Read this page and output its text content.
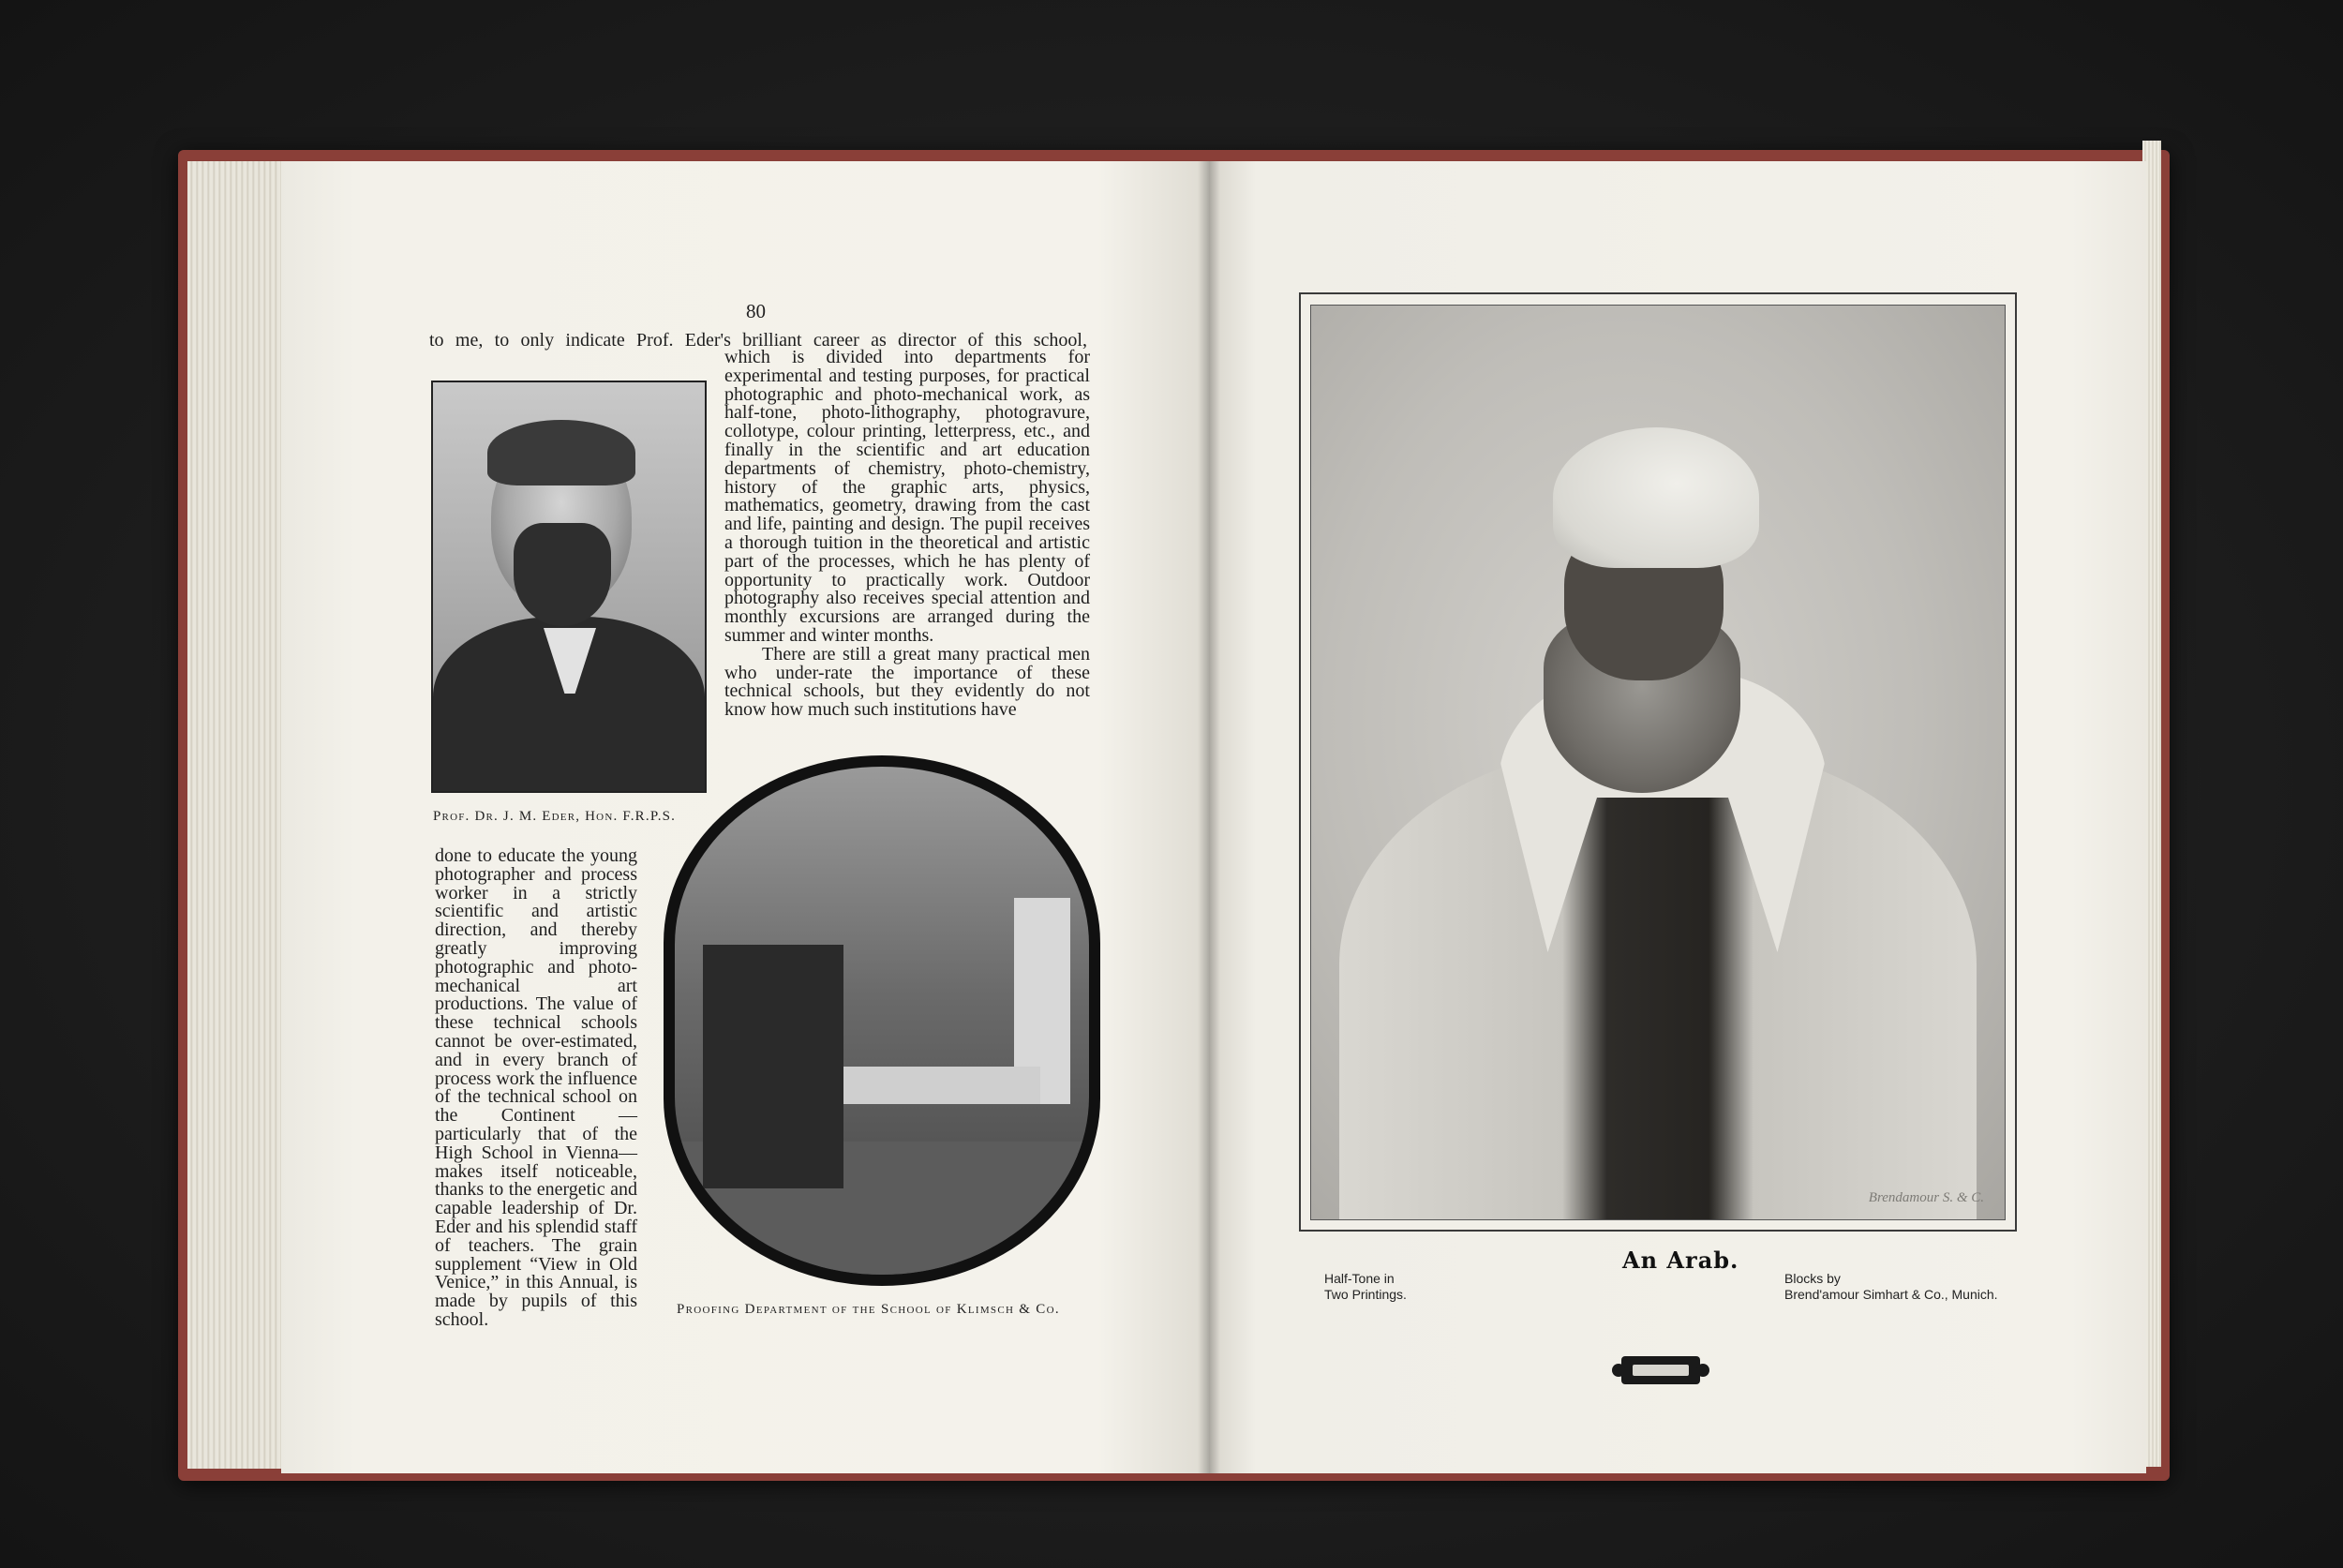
80
to me, to only indicate Prof. Eder's brilliant career as director of this school,

which is divided into departments for experimental and testing purposes, for practical photographic and photo-mechanical work, as half-tone, photo-lithography, photogravure, collotype, colour printing, letterpress, etc., and finally in the scientific and art education departments of chemistry, photo-chemistry, history of the graphic arts, physics, mathematics, geometry, drawing from the cast and life, painting and design. The pupil receives a thorough tuition in the theoretical and artistic part of the processes, which he has plenty of opportunity to practically work. Outdoor photography also receives special attention and monthly excursions are arranged during the summer and winter months.

There are still a great many practical men who under-rate the importance of these technical schools, but they evidently do not know how much such institutions have

Prof. Dr. J. M. Eder, Hon. F.R.P.S.
done to educate the young photographer and process worker in a strictly scientific and artistic direction, and thereby greatly improving photographic and photo-mechanical art productions. The value of these technical schools cannot be over-estimated, and in every branch of process work the influence of the technical school on the Continent —particularly that of the High School in Vienna— makes itself noticeable, thanks to the energetic and capable leadership of Dr. Eder and his splendid staff of teachers. The grain supplement “View in Old Venice,” in this Annual, is made by pupils of this school.	Proofing Department of the School of Klimsch & Co.
Brendamour S. & C.
An Arab.
Half-Tone in
Two Printings.
Blocks by
Brend'amour Simhart & Co., Munich.
